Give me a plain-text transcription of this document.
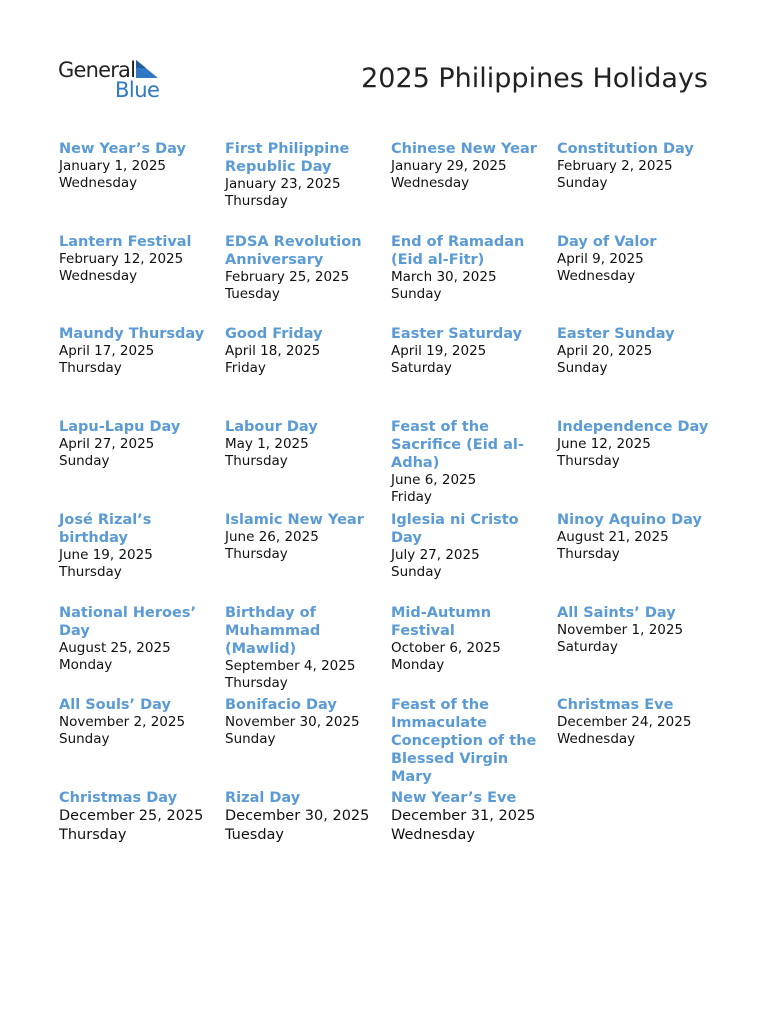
General
Blue	2025 Philippines Holidays
New Year’s Day
January 1, 2025
Wednesday
First Philippine Republic Day
January 23, 2025
Thursday
Chinese New Year
January 29, 2025
Wednesday
Constitution Day
February 2, 2025
Sunday
Lantern Festival
February 12, 2025
Wednesday
EDSA Revolution Anniversary
February 25, 2025
Tuesday
End of Ramadan (Eid al-Fitr)
March 30, 2025
Sunday
Day of Valor
April 9, 2025
Wednesday
Maundy Thursday
April 17, 2025
Thursday
Good Friday
April 18, 2025
Friday
Easter Saturday
April 19, 2025
Saturday
Easter Sunday
April 20, 2025
Sunday
Lapu-Lapu Day
April 27, 2025
Sunday
Labour Day
May 1, 2025
Thursday
Feast of the Sacrifice (Eid al-Adha)
June 6, 2025
Friday
Independence Day
June 12, 2025
Thursday
José Rizal’s birthday
June 19, 2025
Thursday
Islamic New Year
June 26, 2025
Thursday
Iglesia ni Cristo Day
July 27, 2025
Sunday
Ninoy Aquino Day
August 21, 2025
Thursday
National Heroes’ Day
August 25, 2025
Monday
Birthday of Muhammad (Mawlid)
September 4, 2025
Thursday
Mid-Autumn Festival
October 6, 2025
Monday
All Saints’ Day
November 1, 2025
Saturday
All Souls’ Day
November 2, 2025
Sunday
Bonifacio Day
November 30, 2025
Sunday
Feast of the Immaculate Conception of the Blessed Virgin Mary
Christmas Eve
December 24, 2025
Wednesday
Christmas Day
December 25, 2025
Thursday
Rizal Day
December 30, 2025
Tuesday
New Year’s Eve
December 31, 2025
Wednesday
